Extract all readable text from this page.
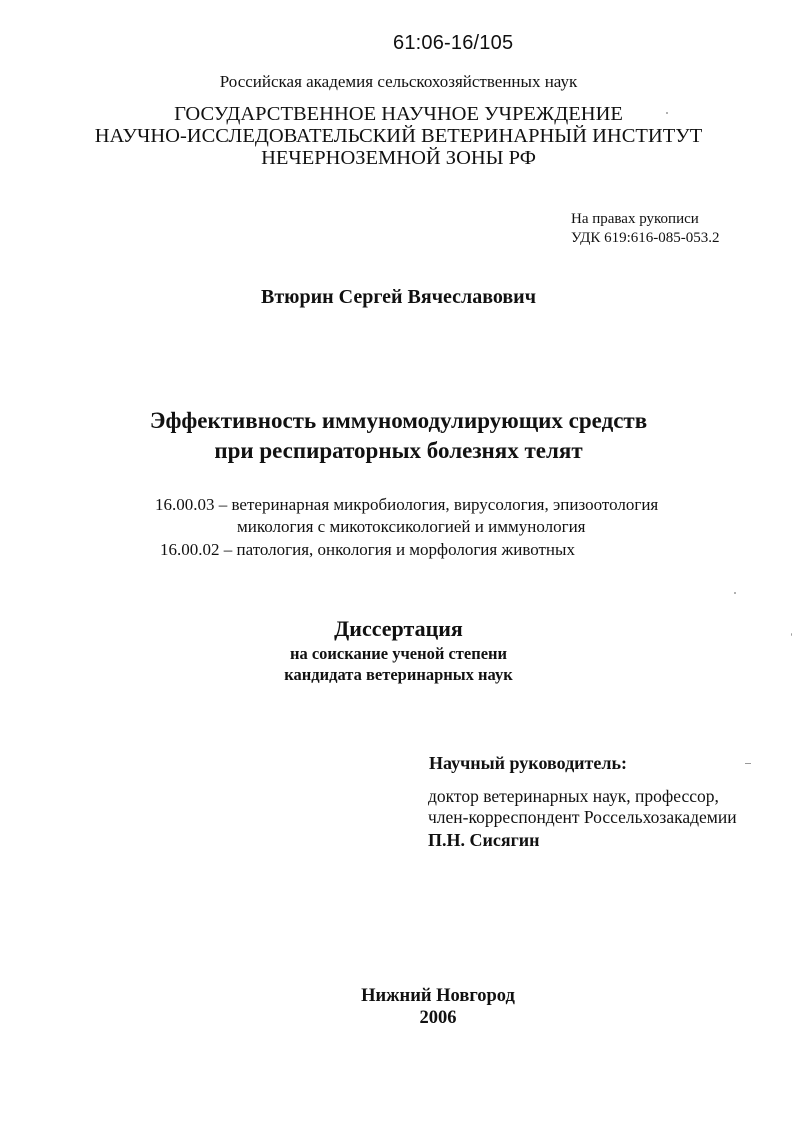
61:06-16/105
Российская академия сельскохозяйственных наук
ГОСУДАРСТВЕННОЕ НАУЧНОЕ УЧРЕЖДЕНИЕ
НАУЧНО-ИССЛЕДОВАТЕЛЬСКИЙ ВЕТЕРИНАРНЫЙ ИНСТИТУТ
НЕЧЕРНОЗЕМНОЙ ЗОНЫ РФ
На правах рукописи
УДК 619:616-085-053.2
Втюрин Сергей Вячеславович
Эффективность иммуномодулирующих средств
при респираторных болезнях телят
16.00.03 – ветеринарная микробиология, вирусология, эпизоотология
микология с микотоксикологией и иммунология
16.00.02 – патология, онкология и морфология животных
Диссертация
на соискание ученой степени
кандидата ветеринарных наук
Научный руководитель:
доктор ветеринарных наук, профессор,
член-корреспондент Россельхозакадемии
П.Н. Сисягин
Нижний Новгород
2006
